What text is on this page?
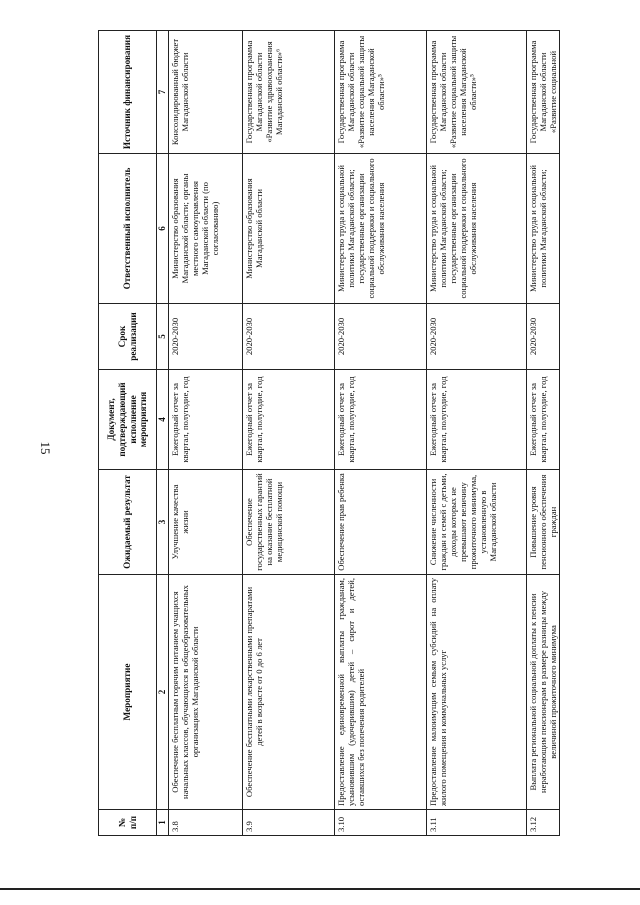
15
№ п/п	Мероприятие	Ожидаемый результат	Документ, подтверждающий исполнение мероприятия	Срок реализации	Ответственный исполнитель	Источник финансирования
1	2	3	4	5	6	7
3.8	Обеспечение бесплатным горячим питанием учащихся начальных классов, обучающихся в общеобразовательных организациях Магаданской области	Улучшение качества жизни	Ежегодный отчет за квартал, полугодие, год	2020-2030	Министерство образования Магаданской области; органы местного самоуправления Магаданской области (по согласованию)	Консолидированный бюджет Магаданской области
3.9	Обеспечение бесплатными лекарственными препаратами детей в возрасте от 0 до 6 лет	Обеспечение государственных гарантий на оказание бесплатной медицинской помощи	Ежегодный отчет за квартал, полугодие, год	2020-2030	Министерство образования Магаданской области	Государственная программа Магаданской области «Развитие здравоохранения Магаданской области»⁶
3.10	Предоставление единовременной выплаты гражданам, усыновившим (удочерившим) детей – сирот и детей, оставшихся без попечения родителей	Обеспечение прав ребенка	Ежегодный отчет за квартал, полугодие, год	2020-2030	Министерство труда и социальной политики Магаданской области; государственные организации социальной поддержки и социального обслуживания населения	Государственная программа Магаданской области «Развитие социальной защиты населения Магаданской области»⁵
3.11	Предоставление малоимущим семьям субсидий на оплату жилого помещения и коммунальных услуг	Снижение численности граждан и семей с детьми, доходы которых не превышают величину прожиточного минимума, установленную в Магаданской области	Ежегодный отчет за квартал, полугодие, год	2020-2030	Министерство труда и социальной политики Магаданской области; государственные организации социальной поддержки и социального обслуживания населения	Государственная программа Магаданской области «Развитие социальной защиты населения Магаданской области»⁵
3.12	Выплата региональной социальной доплаты к пенсии неработающим пенсионерам в размере разницы между величиной прожиточного минимума	Повышение уровня пенсионного обеспечения граждан	Ежегодный отчет за квартал, полугодие, год	2020-2030	Министерство труда и социальной политики Магаданской области;	Государственная программа Магаданской области «Развитие социальной
